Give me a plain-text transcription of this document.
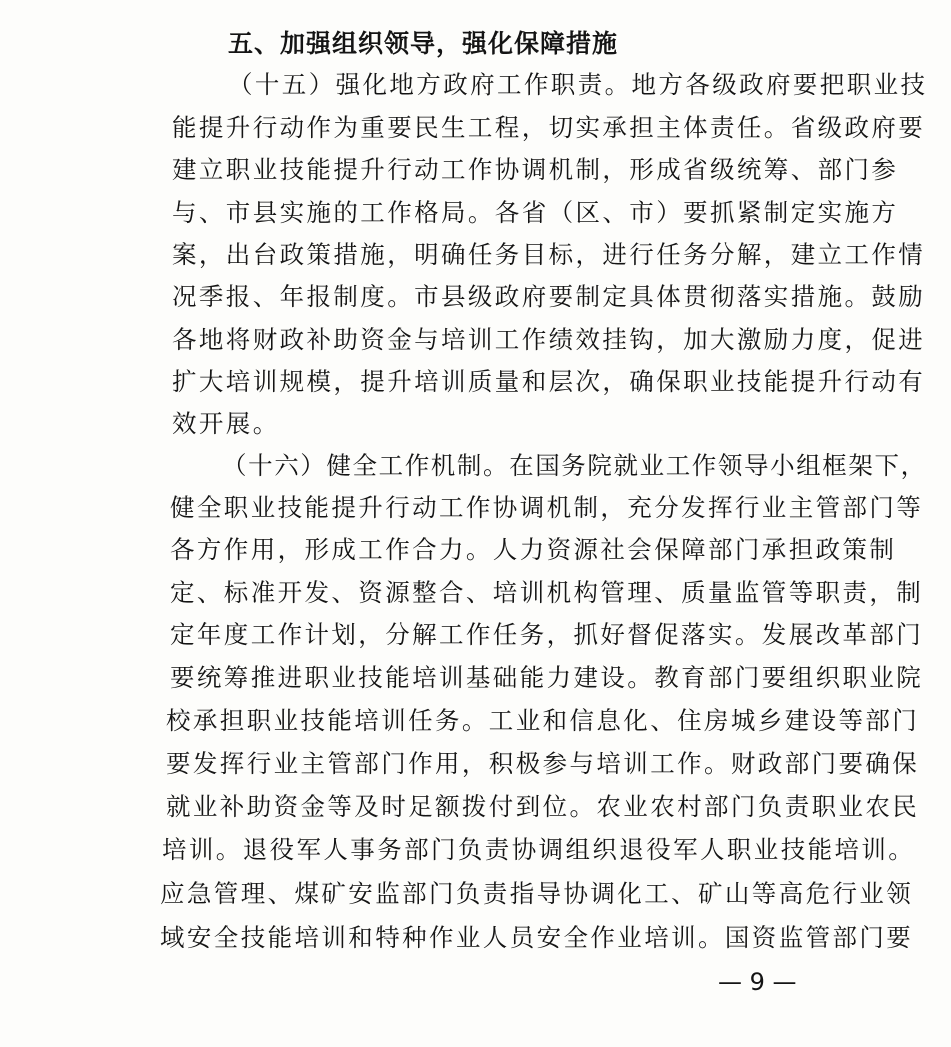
五、加强组织领导，强化保障措施
（十五）强化地方政府工作职责。地方各级政府要把职业技
能提升行动作为重要民生工程，切实承担主体责任。省级政府要
建立职业技能提升行动工作协调机制，形成省级统筹、部门参
与、市县实施的工作格局。各省（区、市）要抓紧制定实施方
案，出台政策措施，明确任务目标，进行任务分解，建立工作情
况季报、年报制度。市县级政府要制定具体贯彻落实措施。鼓励
各地将财政补助资金与培训工作绩效挂钩，加大激励力度，促进
扩大培训规模，提升培训质量和层次，确保职业技能提升行动有
效开展。
（十六）健全工作机制。在国务院就业工作领导小组框架下，
健全职业技能提升行动工作协调机制，充分发挥行业主管部门等
各方作用，形成工作合力。人力资源社会保障部门承担政策制
定、标准开发、资源整合、培训机构管理、质量监管等职责，制
定年度工作计划，分解工作任务，抓好督促落实。发展改革部门
要统筹推进职业技能培训基础能力建设。教育部门要组织职业院
校承担职业技能培训任务。工业和信息化、住房城乡建设等部门
要发挥行业主管部门作用，积极参与培训工作。财政部门要确保
就业补助资金等及时足额拨付到位。农业农村部门负责职业农民
培训。退役军人事务部门负责协调组织退役军人职业技能培训。
应急管理、煤矿安监部门负责指导协调化工、矿山等高危行业领
域安全技能培训和特种作业人员安全作业培训。国资监管部门要
— 9 —
